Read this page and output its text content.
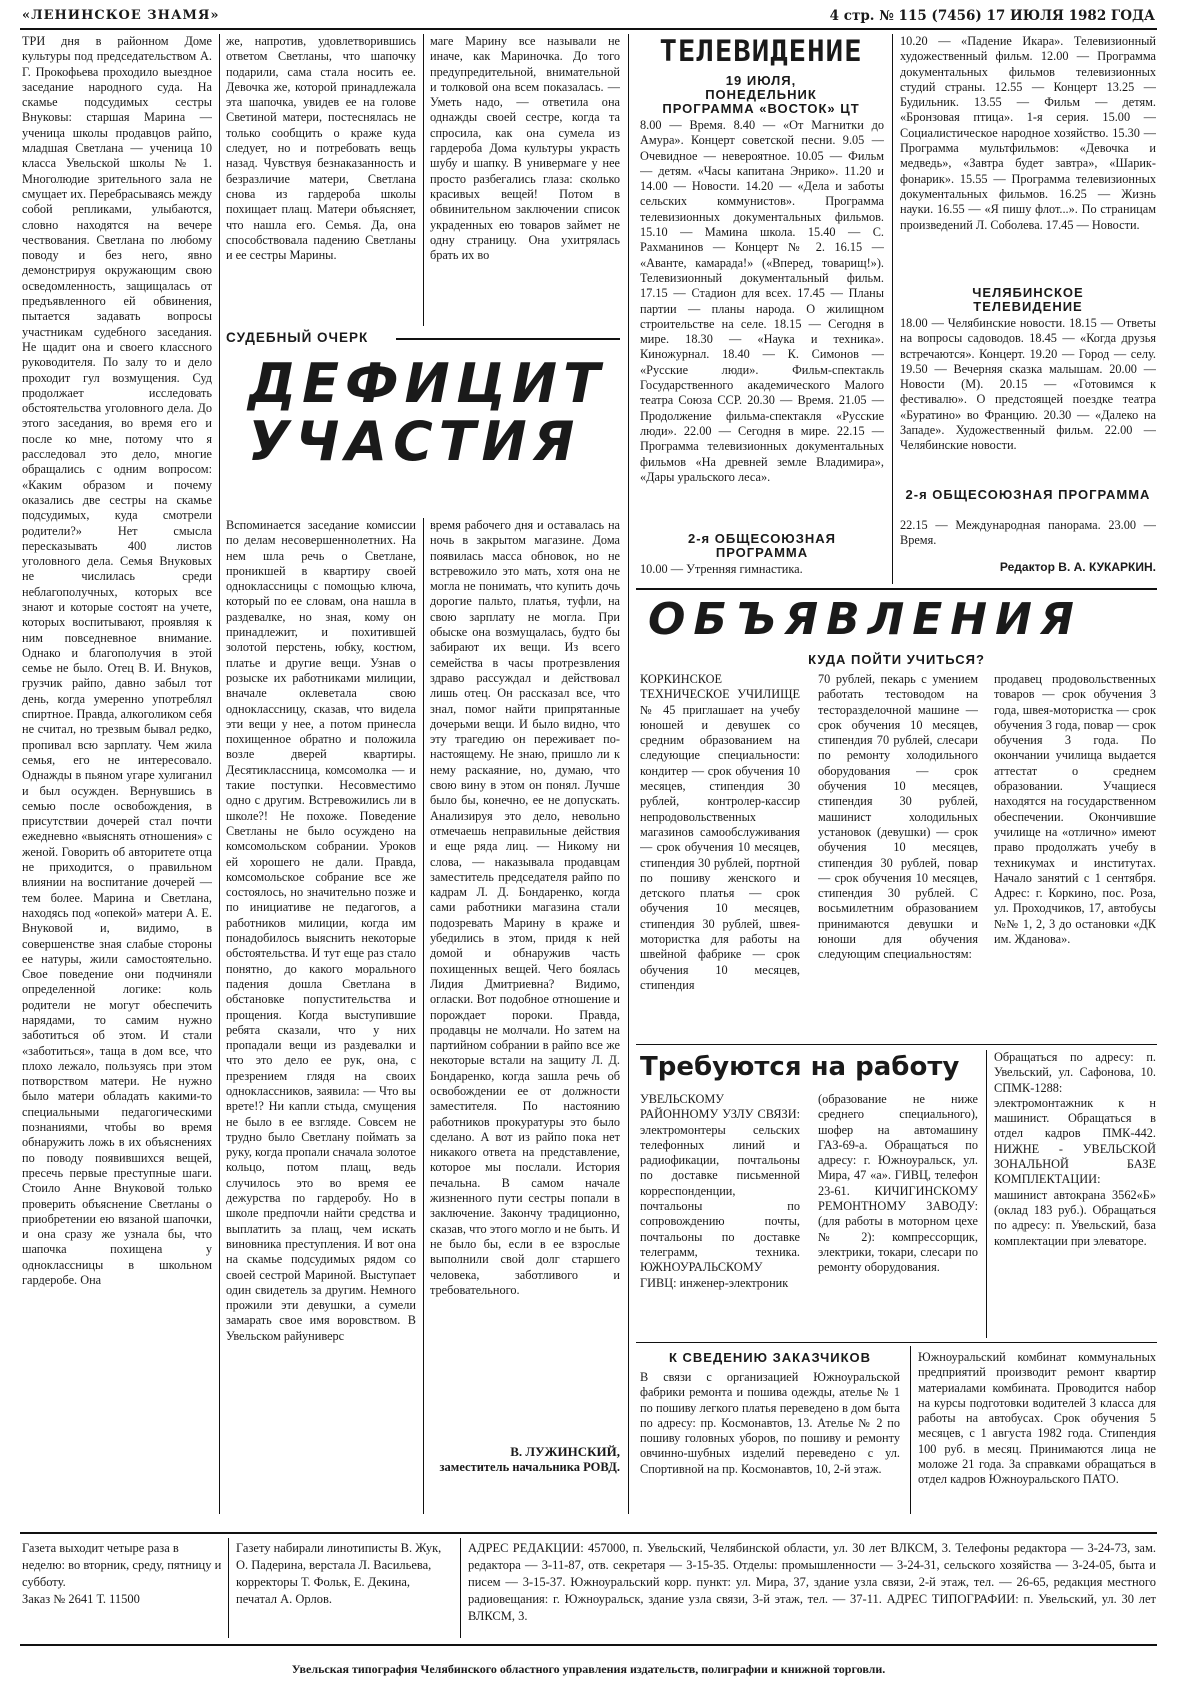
«ЛЕНИНСКОЕ ЗНАМЯ»	4 стр. № 115 (7456) 17 ИЮЛЯ 1982 ГОДА
ТРИ дня в районном Доме культуры под председательством А. Г. Прокофьева проходило выездное заседание народного суда. На скамье подсудимых сестры Внуковы: старшая Марина — ученица школы продавцов райпо, младшая Светлана — ученица 10 класса Увельской школы № 1. Многолюдие зрительного зала не смущает их. Перебрасываясь между собой репликами, улыбаются, словно находятся на вечере чествования. Светлана по любому поводу и без него, явно демонстрируя окружающим свою осведомленность, защищалась от предъявленного ей обвинения, пытается задавать вопросы участникам судебного заседания. Не щадит она и своего классного руководителя. По залу то и дело проходит гул возмущения. Суд продолжает исследовать обстоятельства уголовного дела. До этого заседания, во время его и после ко мне, потому что я расследовал это дело, многие обращались с одним вопросом: «Каким образом и почему оказались две сестры на скамье подсудимых, куда смотрели родители?» Нет смысла пересказывать 400 листов уголовного дела. Семья Внуковых не числилась среди неблагополучных, которых все знают и которые состоят на учете, которых воспитывают, проявляя к ним повседневное внимание. Однако и благополучия в этой семье не было. Отец В. И. Внуков, грузчик райпо, давно забыл тот день, когда умеренно употреблял спиртное. Правда, алкоголиком себя не считал, но трезвым бывал редко, пропивал всю зарплату. Чем жила семья, его не интересовало. Однажды в пьяном угаре хулиганил и был осужден. Вернувшись в семью после освобождения, в присутствии дочерей стал почти ежедневно «выяснять отношения» с женой. Говорить об авторитете отца не приходится, о правильном влиянии на воспитание дочерей — тем более. Марина и Светлана, находясь под «опекой» матери А. Е. Внуковой и, видимо, в совершенстве зная слабые стороны ее натуры, жили самостоятельно. Свое поведение они подчиняли определенной логике: коль родители не могут обеспечить нарядами, то самим нужно заботиться об этом. И стали «заботиться», таща в дом все, что плохо лежало, пользуясь при этом потворством матери. Не нужно было матери обладать какими-то специальными педагогическими познаниями, чтобы во время обнаружить ложь в их объяснениях по поводу появившихся вещей, пресечь первые преступные шаги. Стоило Анне Внуковой только проверить объяснение Светланы о приобретении ею вязаной шапочки, и она сразу же узнала бы, что шапочка похищена у одноклассницы в школьном гардеробе. Она
же, напротив, удовлетворившись ответом Светланы, что шапочку подарили, сама стала носить ее. Девочка же, которой принадлежала эта шапочка, увидев ее на голове Светиной матери, постеснялась не только сообщить о краже куда следует, но и потребовать вещь назад. Чувствуя безнаказанность и безразличие матери, Светлана снова из гардероба школы похищает плащ. Матери объясняет, что нашла его. Семья. Да, она способствовала падению Светланы и ее сестры Марины.
маге Марину все называли не иначе, как Мариночка. До того предупредительной, внимательной и толковой она всем показалась. — Уметь надо, — ответила она однажды своей сестре, когда та спросила, как она сумела из гардероба Дома культуры украсть шубу и шапку. В универмаге у нее просто разбегались глаза: сколько красивых вещей! Потом в обвинительном заключении список украденных ею товаров займет не одну страницу. Она ухитрялась брать их во
СУДЕБНЫЙ ОЧЕРК
ДЕФИЦИТ
УЧАСТИЯ
Вспоминается заседание комиссии по делам несовершеннолетних. На нем шла речь о Светлане, проникшей в квартиру своей одноклассницы с помощью ключа, который по ее словам, она нашла в раздевалке, но зная, кому он принадлежит, и похитившей золотой перстень, юбку, костюм, платье и другие вещи. Узнав о розыске их работниками милиции, вначале оклеветала свою одноклассницу, сказав, что видела эти вещи у нее, а потом принесла похищенное обратно и положила возле дверей квартиры. Десятиклассница, комсомолка — и такие поступки. Несовместимо одно с другим. Встревожились ли в школе?! Не похоже. Поведение Светланы не было осуждено на комсомольском собрании. Уроков ей хорошего не дали. Правда, комсомольское собрание все же состоялось, но значительно позже и по инициативе не педагогов, а работников милиции, когда им понадобилось выяснить некоторые обстоятельства. И тут еще раз стало понятно, до какого морального падения дошла Светлана в обстановке попустительства и прощения. Когда выступившие ребята сказали, что у них пропадали вещи из раздевалки и что это дело ее рук, она, с презрением глядя на своих одноклассников, заявила: — Что вы врете!? Ни капли стыда, смущения не было в ее взгляде. Совсем не трудно было Светлану поймать за руку, когда пропали сначала золотое кольцо, потом плащ, ведь случилось это во время ее дежурства по гардеробу. Но в школе предпочли найти средства и выплатить за плащ, чем искать виновника преступления. И вот она на скамье подсудимых рядом со своей сестрой Мариной. Выступает один свидетель за другим. Немного прожили эти девушки, а сумели замарать свое имя воровством. В Увельском райуниверс
время рабочего дня и оставалась на ночь в закрытом магазине. Дома появилась масса обновок, но не встревожило это мать, хотя она не могла не понимать, что купить дочь дорогие пальто, платья, туфли, на свою зарплату не могла. При обыске она возмущалась, будто бы забирают их вещи. Из всего семейства в часы протрезвления здраво рассуждал и действовал лишь отец. Он рассказал все, что знал, помог найти припрятанные дочерьми вещи. И было видно, что эту трагедию он переживает по-настоящему. Не знаю, пришло ли к нему раскаяние, но, думаю, что свою вину в этом он понял. Лучше было бы, конечно, ее не допускать. Анализируя это дело, невольно отмечаешь неправильные действия и еще ряда лиц. — Никому ни слова, — наказывала продавцам заместитель председателя райпо по кадрам Л. Д. Бондаренко, когда сами работники магазина стали подозревать Марину в краже и убедились в этом, придя к ней домой и обнаружив часть похищенных вещей. Чего боялась Лидия Дмитриевна? Видимо, огласки. Вот подобное отношение и порождает пороки. Правда, продавцы не молчали. Но затем на партийном собрании в райпо все же некоторые встали на защиту Л. Д. Бондаренко, когда зашла речь об освобождении ее от должности заместителя. По настоянию работников прокуратуры это было сделано. А вот из райпо пока нет никакого ответа на представление, которое мы послали. История печальна. В самом начале жизненного пути сестры попали в заключение. Закончу традиционно, сказав, что этого могло и не быть. И не было бы, если в ее взрослые выполнили свой долг старшего человека, заботливого и требовательного.
В. ЛУЖИНСКИЙ,
заместитель начальника РОВД.
ТЕЛЕВИДЕНИЕ
19 ИЮЛЯ,
ПОНЕДЕЛЬНИК
ПРОГРАММА «ВОСТОК» ЦТ
8.00 — Время. 8.40 — «От Магнитки до Амура». Концерт советской песни. 9.05 — Очевидное — невероятное. 10.05 — Фильм — детям. «Часы капитана Энрико». 11.20 и 14.00 — Новости. 14.20 — «Дела и заботы сельских коммунистов». Программа телевизионных документальных фильмов. 15.10 — Мамина школа. 15.40 — С. Рахманинов — Концерт № 2. 16.15 — «Аванте, камарада!» («Вперед, товарищ!»). Телевизионный документальный фильм. 17.15 — Стадион для всех. 17.45 — Планы партии — планы народа. О жилищном строительстве на селе. 18.15 — Сегодня в мире. 18.30 — «Наука и техника». Киножурнал. 18.40 — К. Симонов — «Русские люди». Фильм-спектакль Государственного академического Малого театра Союза ССР. 20.30 — Время. 21.05 — Продолжение фильма-спектакля «Русские люди». 22.00 — Сегодня в мире. 22.15 — Программа телевизионных документальных фильмов «На древней земле Владимира», «Дары уральского леса».
2-я ОБЩЕСОЮЗНАЯ ПРОГРАММА
10.00 — Утренняя гимнастика.
10.20 — «Падение Икара». Телевизионный художественный фильм. 12.00 — Программа документальных фильмов телевизионных студий страны. 12.55 — Концерт 13.25 — Будильник. 13.55 — Фильм — детям. «Бронзовая птица». 1-я серия. 15.00 — Социалистическое народное хозяйство. 15.30 — Программа мультфильмов: «Девочка и медведь», «Завтра будет завтра», «Шарик-фонарик». 15.55 — Программа телевизионных документальных фильмов. 16.25 — Жизнь науки. 16.55 — «Я пишу флот...». По страницам произведений Л. Соболева. 17.45 — Новости.
ЧЕЛЯБИНСКОЕ
ТЕЛЕВИДЕНИЕ
18.00 — Челябинские новости. 18.15 — Ответы на вопросы садоводов. 18.45 — «Когда друзья встречаются». Концерт. 19.20 — Город — селу. 19.50 — Вечерняя сказка малышам. 20.00 — Новости (М). 20.15 — «Готовимся к фестивалю». О предстоящей поездке театра «Буратино» во Францию. 20.30 — «Далеко на Западе». Художественный фильм. 22.00 — Челябинские новости.
2-я ОБЩЕСОЮЗНАЯ ПРОГРАММА
22.15 — Международная панорама. 23.00 — Время.
Редактор В. А. КУКАРКИН.
ОБЪЯВЛЕНИЯ
КУДА ПОЙТИ УЧИТЬСЯ?
КОРКИНСКОЕ ТЕХНИЧЕСКОЕ УЧИЛИЩЕ № 45 приглашает на учебу юношей и девушек со средним образованием на следующие специальности: кондитер — срок обучения 10 месяцев, стипендия 30 рублей, контролер-кассир непродовольственных магазинов самообслуживания — срок обучения 10 месяцев, стипендия 30 рублей, портной по пошиву женского и детского платья — срок обучения 10 месяцев, стипендия 30 рублей, швея-мотористка для работы на швейной фабрике — срок обучения 10 месяцев, стипендия
70 рублей, пекарь с умением работать тестоводом на тесторазделочной машине — срок обучения 10 месяцев, стипендия 70 рублей, слесари по ремонту холодильного оборудования — срок обучения 10 месяцев, стипендия 30 рублей, машинист холодильных установок (девушки) — срок обучения 10 месяцев, стипендия 30 рублей, повар — срок обучения 10 месяцев, стипендия 30 рублей. С восьмилетним образованием принимаются девушки и юноши для обучения следующим специальностям:
продавец продовольственных товаров — срок обучения 3 года, швея-мотористка — срок обучения 3 года, повар — срок обучения 3 года. По окончании училища выдается аттестат о среднем образовании. Учащиеся находятся на государственном обеспечении. Окончившие училище на «отлично» имеют право продолжать учебу в техникумах и институтах. Начало занятий с 1 сентября. Адрес: г. Коркино, пос. Роза, ул. Проходчиков, 17, автобусы №№ 1, 2, 3 до остановки «ДК им. Жданова».
Требуются на работу
УВЕЛЬСКОМУ РАЙОННОМУ УЗЛУ СВЯЗИ: электромонтеры сельских телефонных линий и радиофикации, почтальоны по доставке письменной корреспонденции, почтальоны по сопровождению почты, почтальоны по доставке телеграмм, техника. ЮЖНОУРАЛЬСКОМУ ГИВЦ: инженер-электроник
(образование не ниже среднего специального), шофер на автомашину ГАЗ-69-а. Обращаться по адресу: г. Южноуральск, ул. Мира, 47 «а». ГИВЦ, телефон 23-61. КИЧИГИНСКОМУ РЕМОНТНОМУ ЗАВОДУ: (для работы в моторном цехе № 2): компрессорщик, электрики, токари, слесари по ремонту оборудования.
Обращаться по адресу: п. Увельский, ул. Сафонова, 10. СПМК-1288: электромонтажник к н машинист. Обращаться в отдел кадров ПМК-442. НИЖНЕ - УВЕЛЬСКОЙ ЗОНАЛЬНОЙ БАЗЕ КОМПЛЕКТАЦИИ: машинист автокрана 3562«Б» (оклад 183 руб.). Обращаться по адресу: п. Увельский, база комплектации при элеваторе.
К СВЕДЕНИЮ ЗАКАЗЧИКОВ
В связи с организацией Южноуральской фабрики ремонта и пошива одежды, ателье № 1 по пошиву легкого платья переведено в дом быта по адресу: пр. Космонавтов, 13. Ателье № 2 по пошиву головных уборов, по пошиву и ремонту овчинно-шубных изделий переведено с ул. Спортивной на пр. Космонавтов, 10, 2-й этаж.
Южноуральский комбинат коммунальных предприятий производит ремонт квартир материалами комбината. Проводится набор на курсы подготовки водителей 3 класса для работы на автобусах. Срок обучения 5 месяцев, с 1 августа 1982 года. Стипендия 100 руб. в месяц. Принимаются лица не моложе 21 года. За справками обращаться в отдел кадров Южноуральского ПАТО.
Газета выходит четыре раза в неделю: во вторник, среду, пятницу и субботу.
Заказ № 2641 Т. 11500
Газету набирали линотиписты В. Жук, О. Падерина, верстала Л. Васильева, корректоры Т. Фольк, Е. Декина, печатал А. Орлов.
АДРЕС РЕДАКЦИИ: 457000, п. Увельский, Челябинской области, ул. 30 лет ВЛКСМ, 3. Телефоны редактора — 3-24-73, зам. редактора — 3-11-87, отв. секретаря — 3-15-35. Отделы: промышленности — 3-24-31, сельского хозяйства — 3-24-05, быта и писем — 3-15-37. Южноуральский корр. пункт: ул. Мира, 37, здание узла связи, 2-й этаж, тел. — 26-65, редакция местного радиовещания: г. Южноуральск, здание узла связи, 3-й этаж, тел. — 37-11. АДРЕС ТИПОГРАФИИ: п. Увельский, ул. 30 лет ВЛКСМ, 3.
Увельская типография Челябинского областного управления издательств, полиграфии и книжной торговли.
